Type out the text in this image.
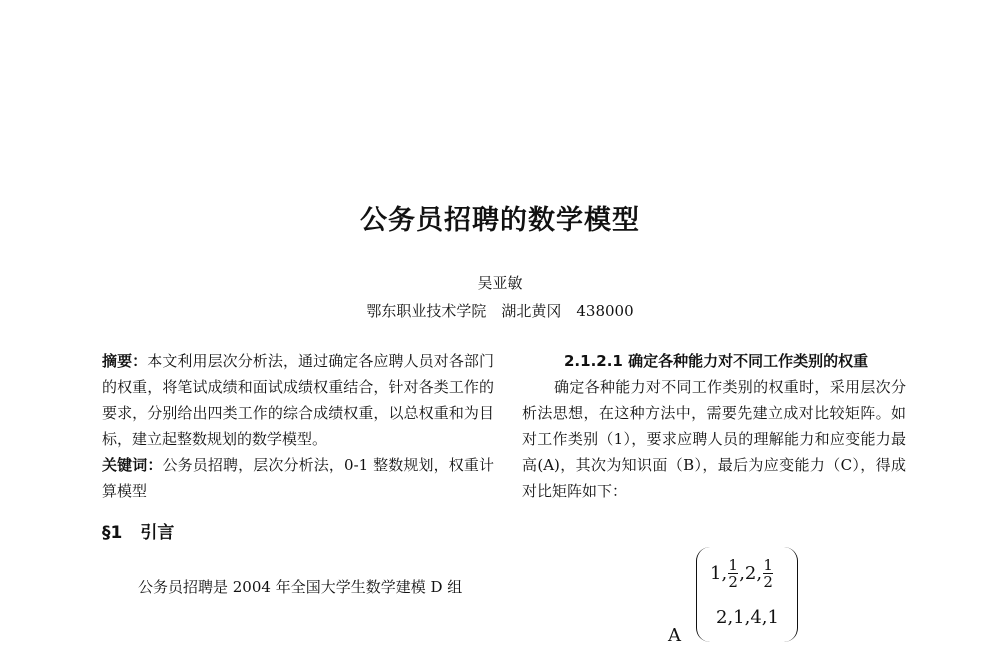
公务员招聘的数学模型
吴亚敏
鄂东职业技术学院　湖北黄冈　438000

摘要：本文利用层次分析法，通过确定各应聘人员对各部门的权重，将笔试成绩和面试成绩权重结合，针对各类工作的要求，分别给出四类工作的综合成绩权重，以总权重和为目标，建立起整数规划的数学模型。

关键词：公务员招聘，层次分析法，0-1 整数规划，权重计算模型

§1 引言

公务员招聘是 2004 年全国大学生数学建模 D 组

2.1.2.1 确定各种能力对不同工作类别的权重

确定各种能力对不同工作类别的权重时，采用层次分析法思想，在这种方法中，需要先建立成对比较矩阵。如对工作类别（1），要求应聘人员的理解能力和应变能力最高(A)，其次为知识面（B），最后为应变能力（C），得成对比矩阵如下：

A
1, $\frac{1}{2} ,2$, $\frac{1}{2}$
2,1,4,1
